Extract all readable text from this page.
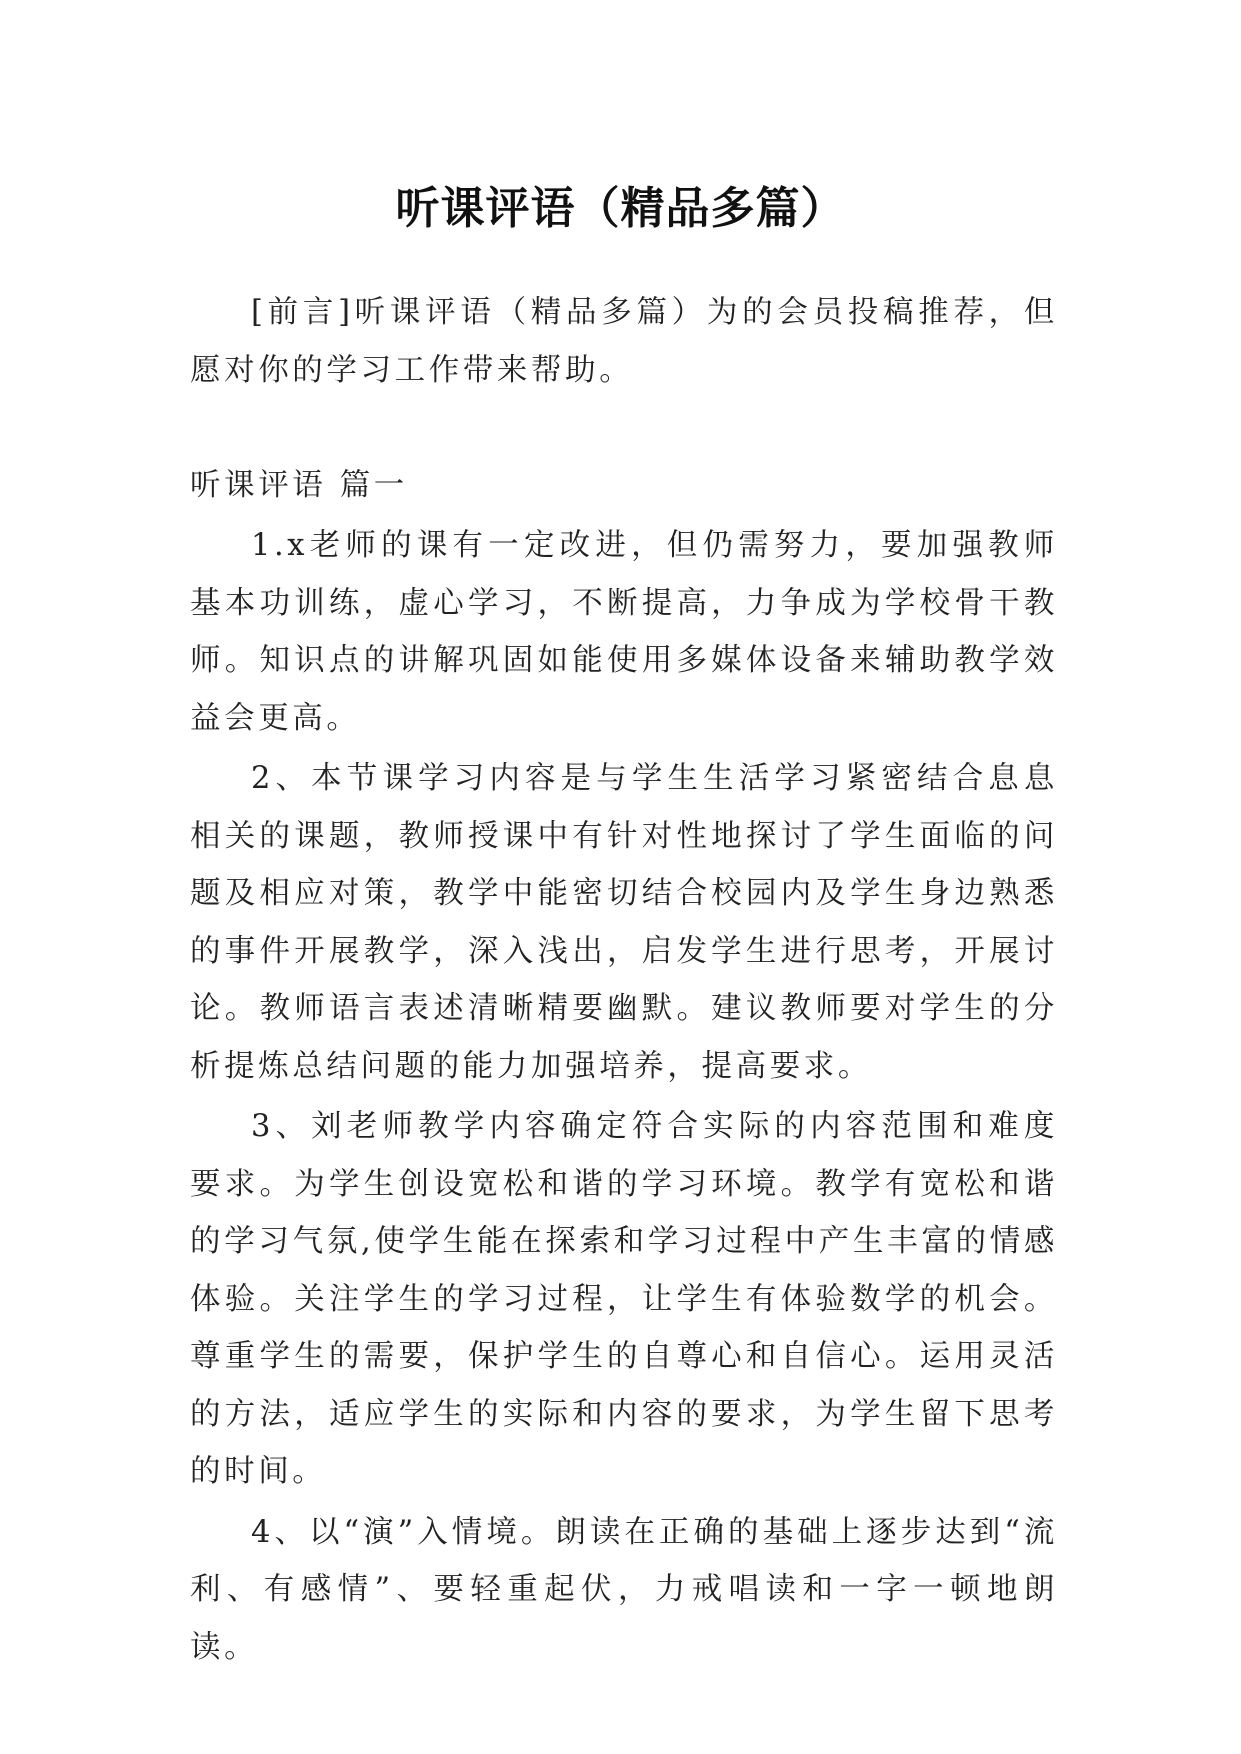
听课评语（精品多篇）

[前言]听课评语（精品多篇）为的会员投稿推荐，但愿对你的学习工作带来帮助。

听课评语 篇一

1.x老师的课有一定改进，但仍需努力，要加强教师基本功训练，虚心学习，不断提高，力争成为学校骨干教师。知识点的讲解巩固如能使用多媒体设备来辅助教学效益会更高。

2、本节课学习内容是与学生生活学习紧密结合息息相关的课题，教师授课中有针对性地探讨了学生面临的问题及相应对策，教学中能密切结合校园内及学生身边熟悉的事件开展教学，深入浅出，启发学生进行思考，开展讨论。教师语言表述清晰精要幽默。建议教师要对学生的分析提炼总结问题的能力加强培养，提高要求。

3、刘老师教学内容确定符合实际的内容范围和难度要求。为学生创设宽松和谐的学习环境。教学有宽松和谐的学习气氛,使学生能在探索和学习过程中产生丰富的情感体验。关注学生的学习过程，让学生有体验数学的机会。尊重学生的需要，保护学生的自尊心和自信心。运用灵活的方法，适应学生的实际和内容的要求，为学生留下思考的时间。

4、以“演”入情境。朗读在正确的基础上逐步达到“流利、有感情”、要轻重起伏，力戒唱读和一字一顿地朗读。
